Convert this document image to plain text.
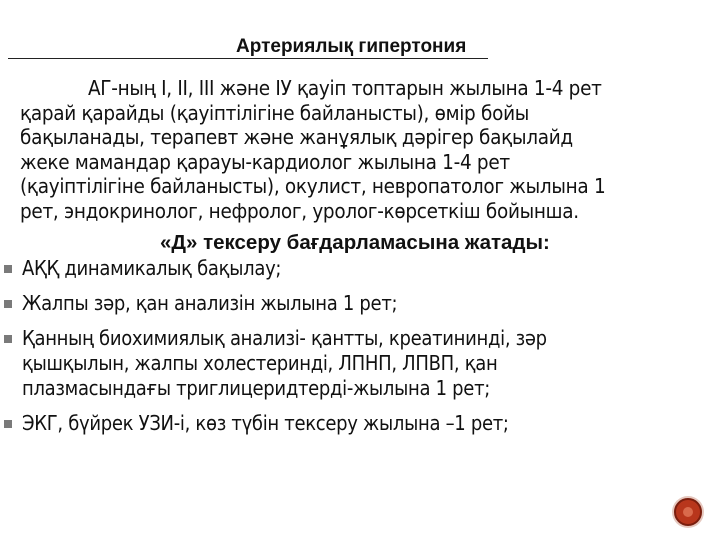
Артериялық гипертония
АГ-ның I, II, III және IУ қауіп топтарын жылына 1-4 рет
қарай қарайды (қауіптілігіне байланысты), өмір бойы
бақыланады, терапевт және жанұялық дәрігер бақылайд
жеке мамандар қарауы-кардиолог жылына 1-4 рет
(қауіптілігіне байланысты), окулист, невропатолог жылына 1
рет, эндокринолог, нефролог, уролог-көрсеткіш бойынша.
«Д» тексеру бағдарламасына жатады:
АҚҚ динамикалық бақылау;
Жалпы зәр, қан анализін жылына 1 рет;
Қанның биохимиялық анализі- қантты, креатининді, зәр
қышқылын, жалпы холестеринді, ЛПНП, ЛПВП, қан
плазмасындағы триглицеридтерді-жылына 1 рет;
ЭКГ, бүйрек УЗИ-і, көз түбін тексеру жылына –1 рет;
